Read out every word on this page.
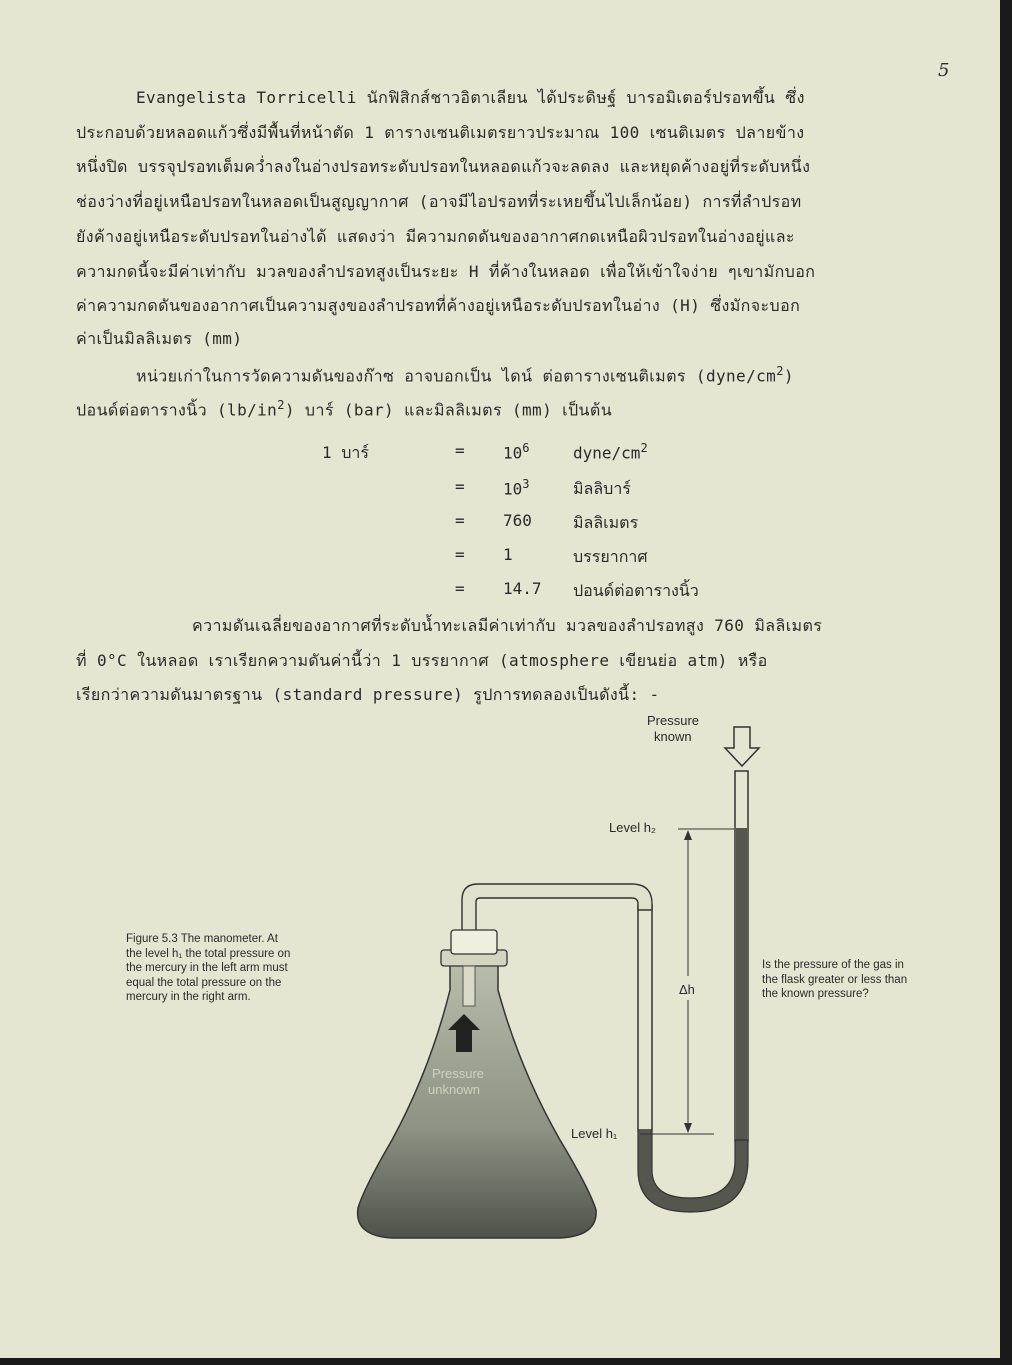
5
Evangelista Torricelli นักฟิสิกส์ชาวอิตาเลียน ได้ประดิษฐ์ บารอมิเตอร์ปรอทขึ้น ซึ่ง
ประกอบด้วยหลอดแก้วซึ่งมีพื้นที่หน้าตัด 1 ตารางเซนติเมตรยาวประมาณ 100 เซนติเมตร ปลายข้าง
หนึ่งปิด บรรจุปรอทเต็มคว่ำลงในอ่างปรอทระดับปรอทในหลอดแก้วจะลดลง และหยุดค้างอยู่ที่ระดับหนึ่ง
ช่องว่างที่อยู่เหนือปรอทในหลอดเป็นสูญญากาศ (อาจมีไอปรอทที่ระเหยขึ้นไปเล็กน้อย) การที่ลำปรอท
ยังค้างอยู่เหนือระดับปรอทในอ่างได้ แสดงว่า มีความกดดันของอากาศกดเหนือผิวปรอทในอ่างอยู่และ
ความกดนี้จะมีค่าเท่ากับ มวลของลำปรอทสูงเป็นระยะ H ที่ค้างในหลอด เพื่อให้เข้าใจง่าย ๆเขามักบอก
ค่าความกดดันของอากาศเป็นความสูงของลำปรอทที่ค้างอยู่เหนือระดับปรอทในอ่าง (H) ซึ่งมักจะบอก
ค่าเป็นมิลลิเมตร (mm)
หน่วยเก่าในการวัดความดันของก๊าซ อาจบอกเป็น ไดน์ ต่อตารางเซนติเมตร $(dyne/cm^2)$
ปอนด์ต่อตารางนิ้ว $(lb/in^2)$ บาร์ (bar) และมิลลิเมตร (mm) เป็นต้น
1 บาร์	= $10^6$	dyne/$cm^2$
= $10^3$	มิลลิบาร์
= 760	มิลลิเมตร
= 1	บรรยากาศ
= 14.7 ปอนด์ต่อตารางนิ้ว
ความดันเฉลี่ยของอากาศที่ระดับน้ำทะเลมีค่าเท่ากับ มวลของลำปรอทสูง 760 มิลลิเมตร
ที่ 0°C ในหลอด เราเรียกความดันค่านี้ว่า 1 บรรยากาศ (atmosphere เขียนย่อ atm) หรือ
เรียกว่าความดันมาตรฐาน (standard pressure) รูปการทดลองเป็นดังนี้: -
Figure 5.3 The manometer. At the level h₁ the total pressure on the mercury in the left arm must equal the total pressure on the mercury in the right arm.
Is the pressure of the gas in the flask greater or less than the known pressure?
Pressure
known
Level h₂
Level h₁
Δh
Pressure
unknown
